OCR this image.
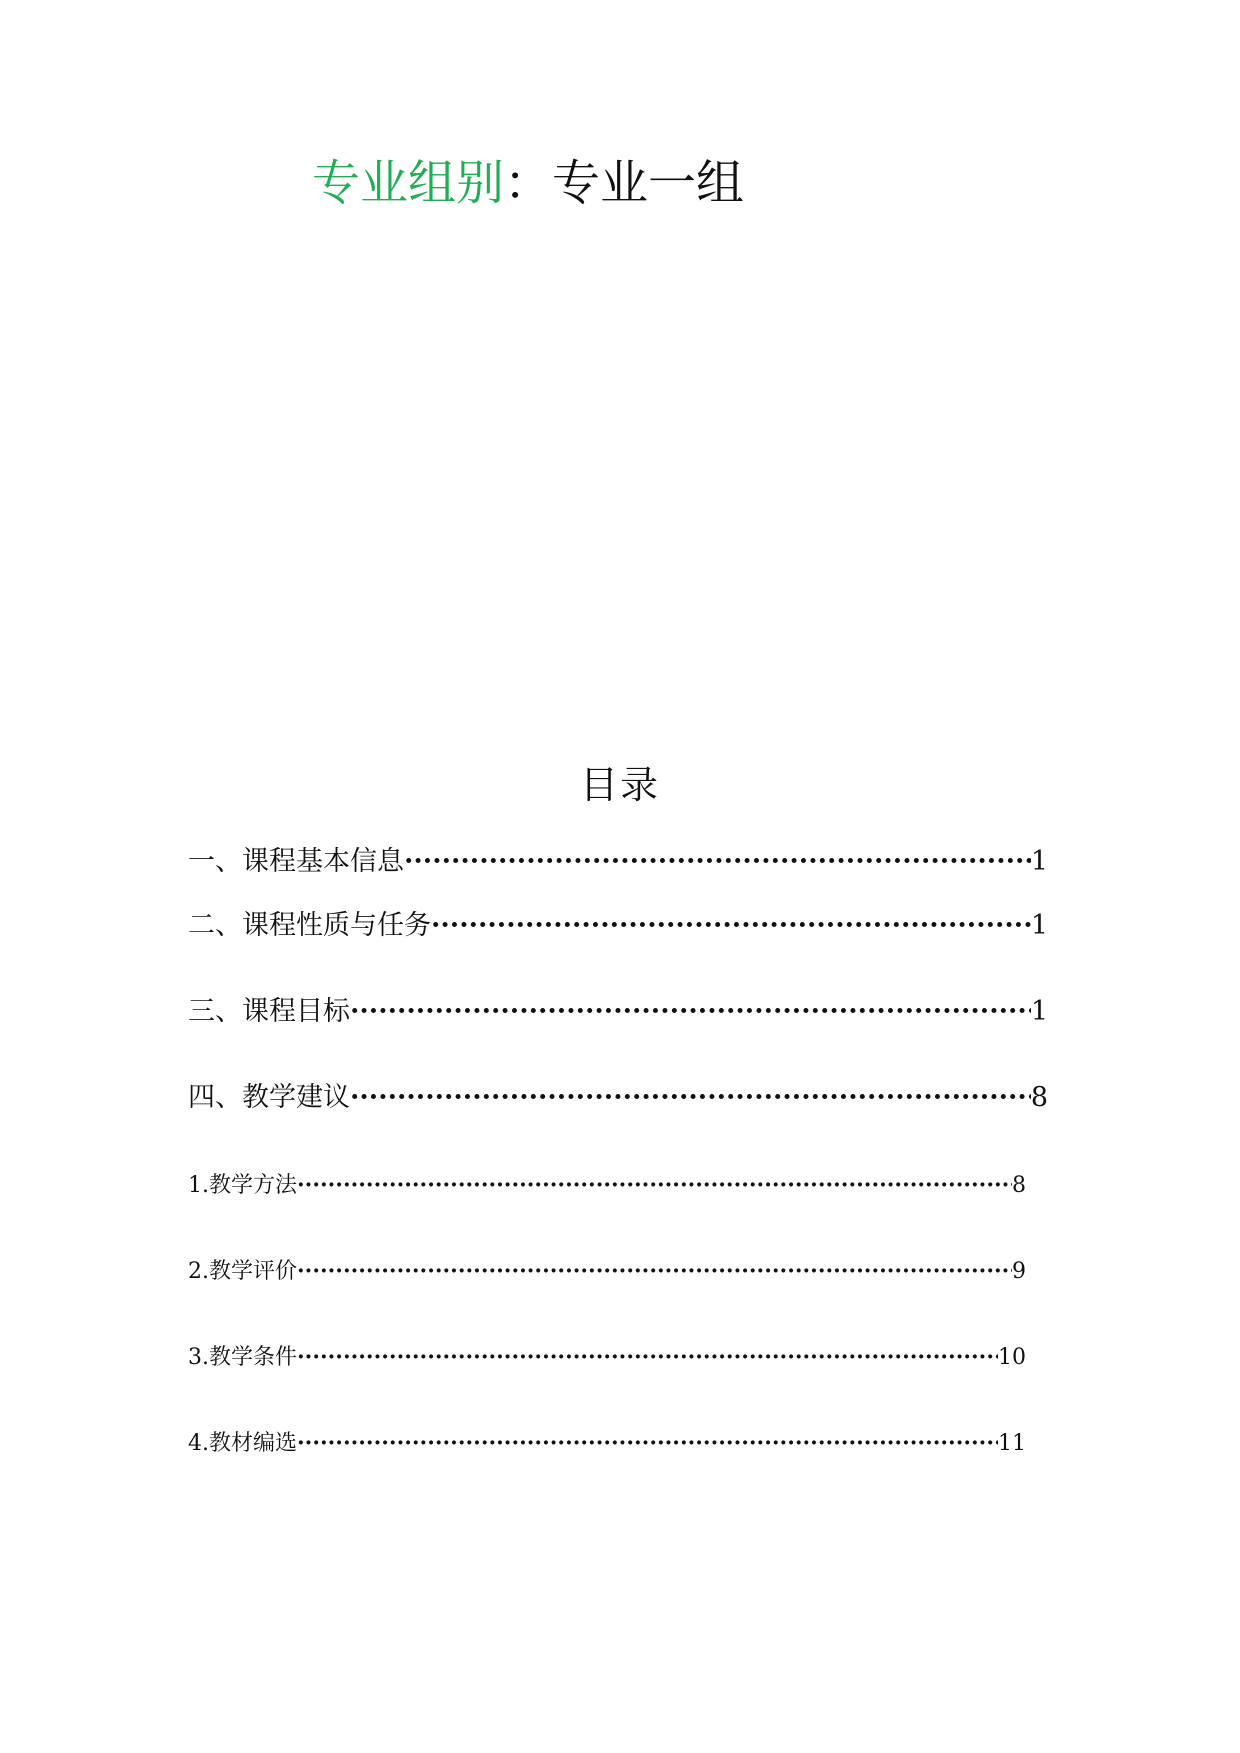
专业组别：专业一组
目录
一、课程基本信息 ·····	1
二、课程性质与任务 ·····	1
三、课程目标 ·····	1
四、教学建议 ·····	8
1.教学方法 ·····	8
2.教学评价 ·····	9
3.教学条件 ·····	10
4.教材编选 ·····	11
